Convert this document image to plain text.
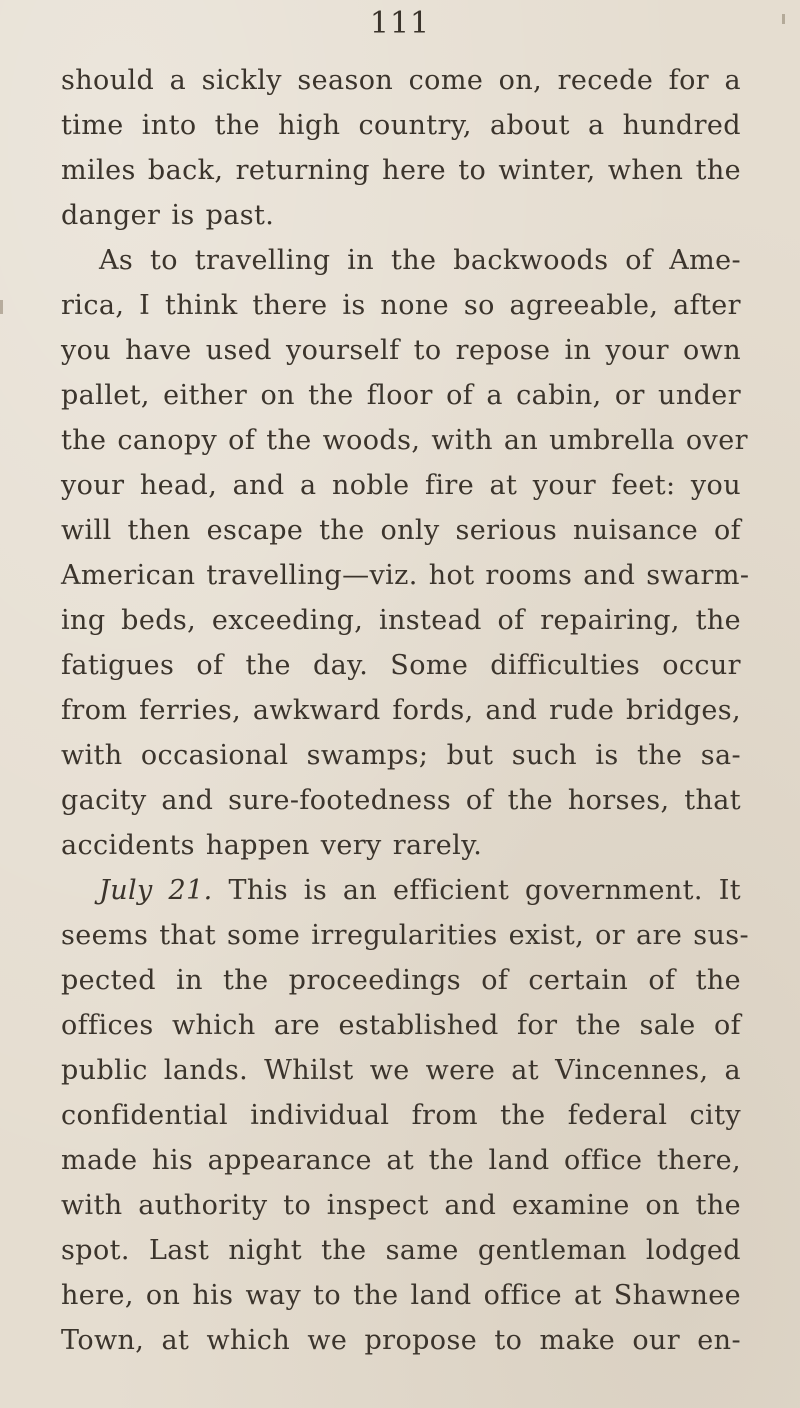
111
should a sickly season come on, recede for a
time into the high country, about a hundred
miles back, returning here to winter, when the
danger is past.
As to travelling in the backwoods of Ame-
rica, I think there is none so agreeable, after
you have used yourself to repose in your own
pallet, either on the floor of a cabin, or under
the canopy of the woods, with an umbrella over
your head, and a noble fire at your feet: you
will then escape the only serious nuisance of
American travelling—viz. hot rooms and swarm-
ing beds, exceeding, instead of repairing, the
fatigues of the day. Some difficulties occur
from ferries, awkward fords, and rude bridges,
with occasional swamps; but such is the sa-
gacity and sure-footedness of the horses, that
accidents happen very rarely.
July 21. This is an efficient government. It
seems that some irregularities exist, or are sus-
pected in the proceedings of certain of the
offices which are established for the sale of
public lands. Whilst we were at Vincennes, a
confidential individual from the federal city
made his appearance at the land office there,
with authority to inspect and examine on the
spot. Last night the same gentleman lodged
here, on his way to the land office at Shawnee
Town, at which we propose to make our en-
